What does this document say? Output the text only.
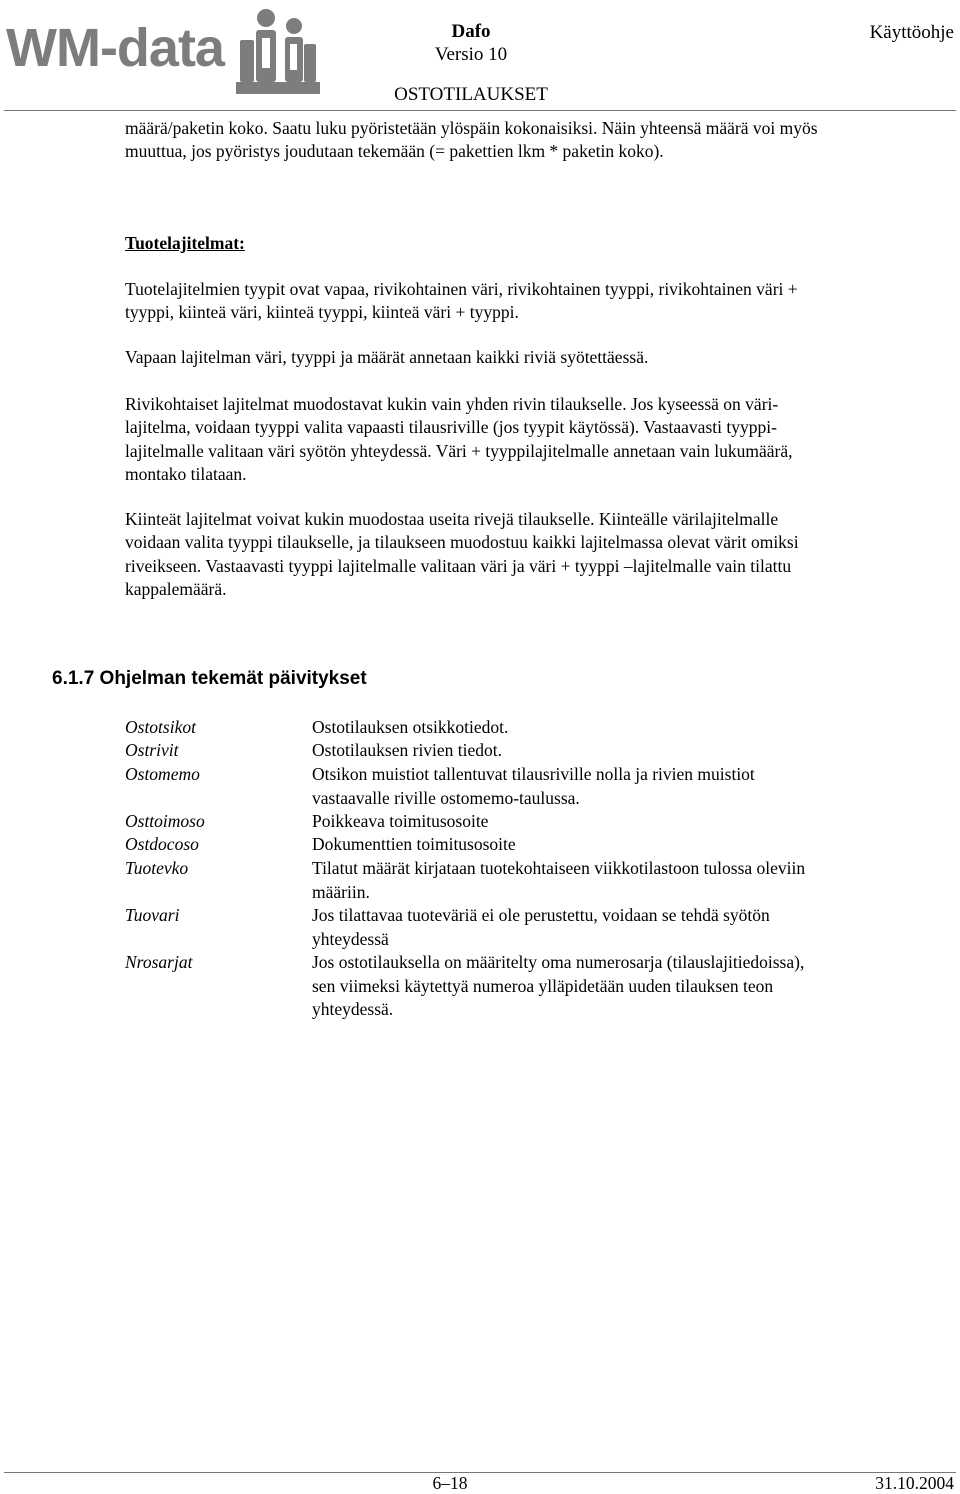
WM-data	Dafo
Versio 10
OSTOTILAUKSET
Käyttöohje
määrä/paketin koko. Saatu luku pyöristetään ylöspäin kokonaisiksi. Näin yhteensä määrä voi myös
muuttua, jos pyöristys joudutaan tekemään (= pakettien lkm * paketin koko).
Tuotelajitelmat:
Tuotelajitelmien tyypit ovat vapaa, rivikohtainen väri, rivikohtainen tyyppi, rivikohtainen väri +
tyyppi, kiinteä väri, kiinteä tyyppi, kiinteä väri + tyyppi.
Vapaan lajitelman väri, tyyppi ja määrät annetaan kaikki riviä syötettäessä.
Rivikohtaiset lajitelmat muodostavat kukin vain yhden rivin tilaukselle. Jos kyseessä on väri-
lajitelma, voidaan tyyppi valita vapaasti tilausriville (jos tyypit käytössä). Vastaavasti tyyppi-
lajitelmalle valitaan väri syötön yhteydessä. Väri + tyyppilajitelmalle annetaan vain lukumäärä,
montako tilataan.
Kiinteät lajitelmat voivat kukin muodostaa useita rivejä tilaukselle. Kiinteälle värilajitelmalle
voidaan valita tyyppi tilaukselle, ja tilaukseen muodostuu kaikki lajitelmassa olevat värit omiksi
riveikseen. Vastaavasti tyyppi lajitelmalle valitaan väri ja väri + tyyppi –lajitelmalle vain tilattu
kappalemäärä.
6.1.7 Ohjelman tekemät päivitykset
Ostotsikot	Ostotilauksen otsikkotiedot.
Ostrivit	Ostotilauksen rivien tiedot.
Ostomemo	Otsikon muistiot tallentuvat tilausriville nolla ja rivien muistiot
vastaavalle riville ostomemo-taulussa.
Osttoimoso	Poikkeava toimitusosoite
Ostdocoso	Dokumenttien toimitusosoite
Tuotevko	Tilatut määrät kirjataan tuotekohtaiseen viikkotilastoon tulossa oleviin
määriin.
Tuovari	Jos tilattavaa tuoteväriä ei ole perustettu, voidaan se tehdä syötön
yhteydessä
Nrosarjat	Jos ostotilauksella on määritelty oma numerosarja (tilauslajitiedoissa),
sen viimeksi käytettyä numeroa ylläpidetään uuden tilauksen teon
yhteydessä.
6–18	31.10.2004
